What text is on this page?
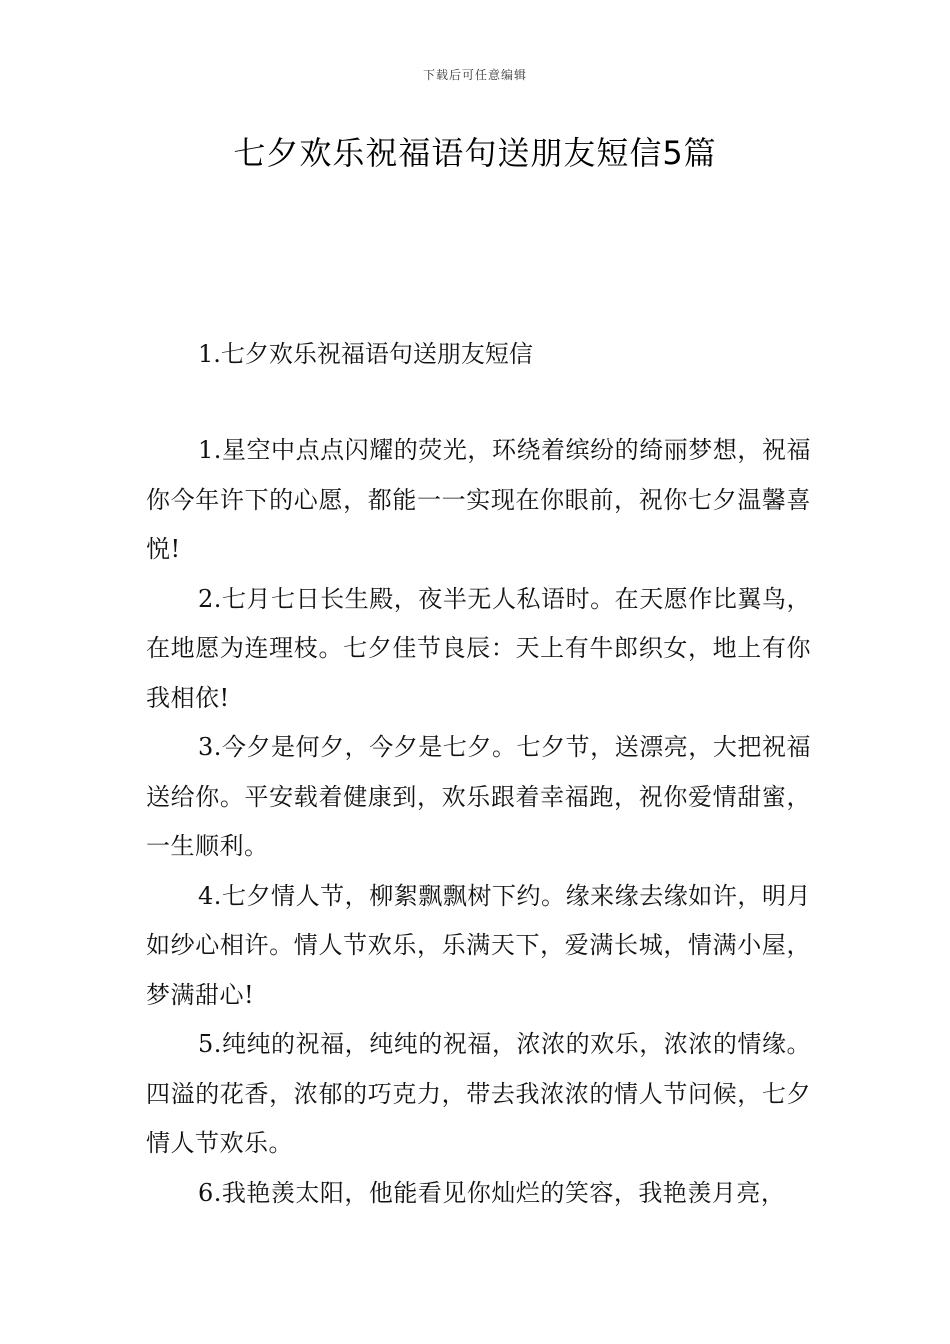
下载后可任意编辑
七夕欢乐祝福语句送朋友短信5篇
1.七夕欢乐祝福语句送朋友短信

1.星空中点点闪耀的荧光，环绕着缤纷的绮丽梦想，祝福你今年许下的心愿，都能一一实现在你眼前，祝你七夕温馨喜悦!

2.七月七日长生殿，夜半无人私语时。在天愿作比翼鸟，在地愿为连理枝。七夕佳节良辰：天上有牛郎织女，地上有你我相依!

3.今夕是何夕，今夕是七夕。七夕节，送漂亮，大把祝福送给你。平安载着健康到，欢乐跟着幸福跑，祝你爱情甜蜜，一生顺利。

4.七夕情人节，柳絮飘飘树下约。缘来缘去缘如许，明月如纱心相许。情人节欢乐，乐满天下，爱满长城，情满小屋，梦满甜心!

5.纯纯的祝福，纯纯的祝福，浓浓的欢乐，浓浓的情缘。四溢的花香，浓郁的巧克力，带去我浓浓的情人节问候，七夕情人节欢乐。

6.我艳羡太阳，他能看见你灿烂的笑容，我艳羡月亮，
